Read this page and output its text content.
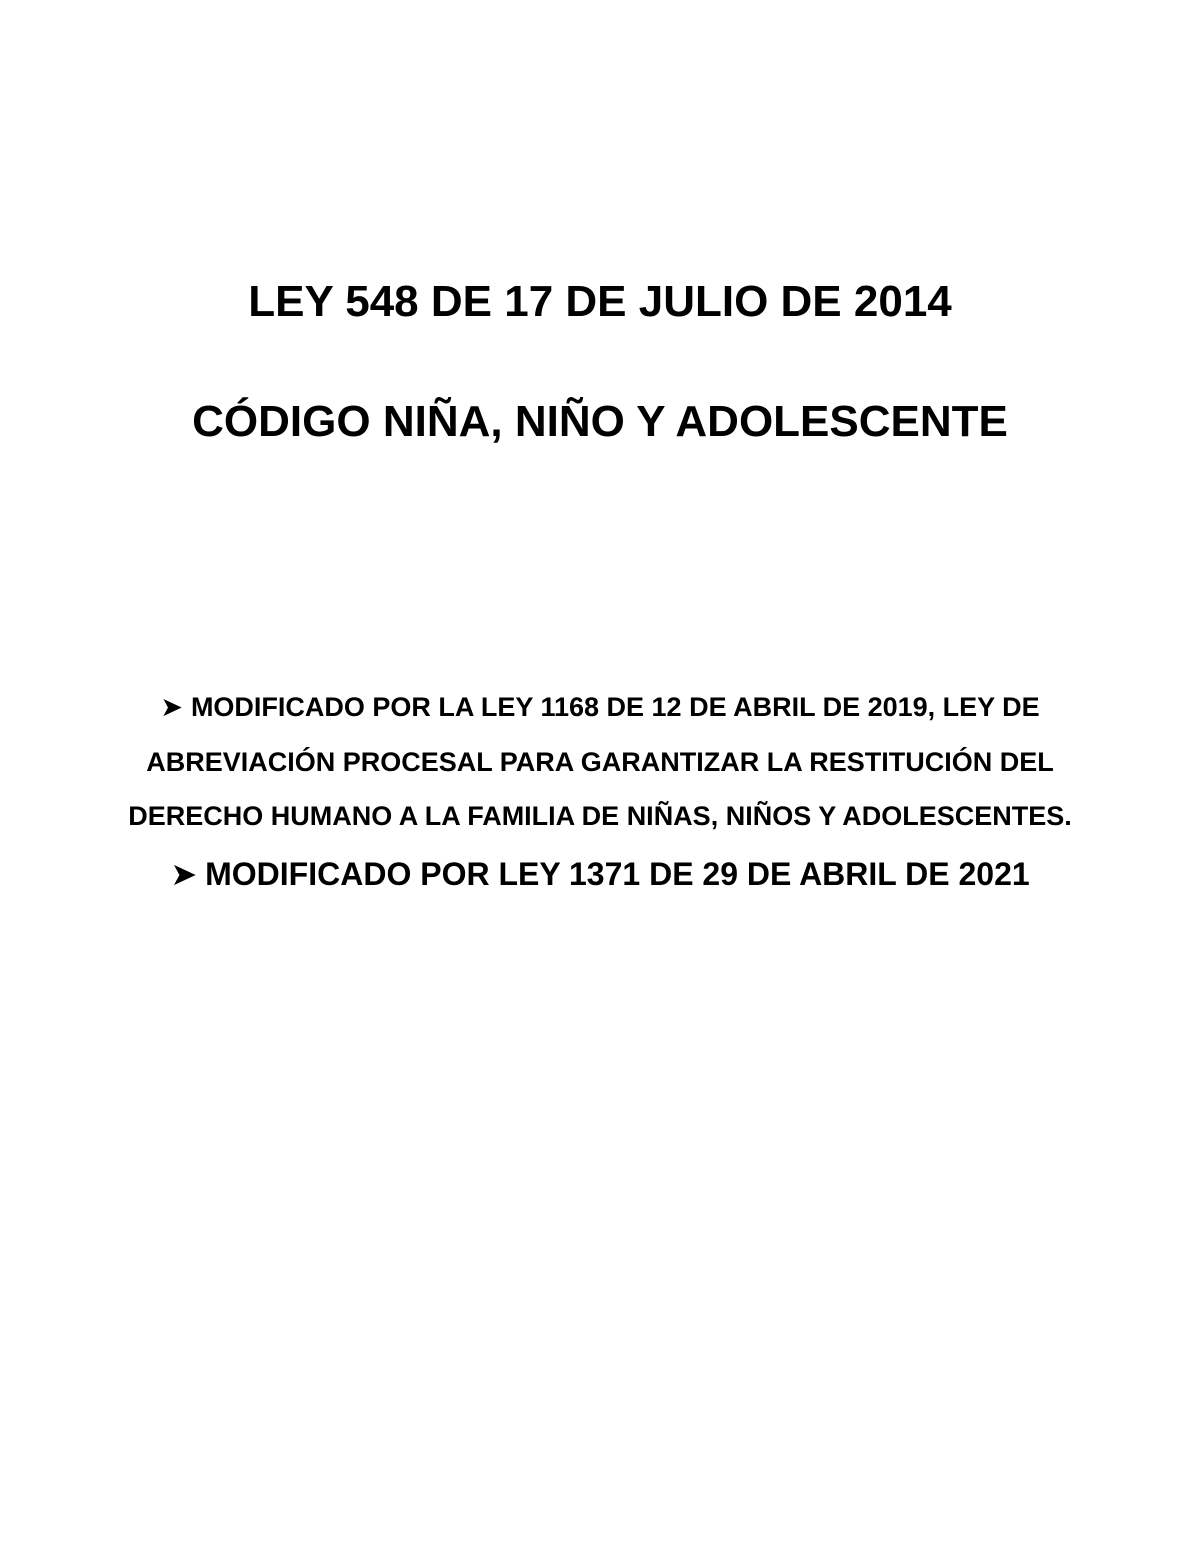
LEY 548 DE 17 DE JULIO DE 2014
CÓDIGO NIÑA, NIÑO Y ADOLESCENTE
➤ MODIFICADO POR LA LEY 1168 DE 12 DE ABRIL DE 2019, LEY DE ABREVIACIÓN PROCESAL PARA GARANTIZAR LA RESTITUCIÓN DEL DERECHO HUMANO A LA FAMILIA DE NIÑAS, NIÑOS Y ADOLESCENTES.
➤ MODIFICADO POR LEY 1371 DE 29 DE ABRIL DE 2021
